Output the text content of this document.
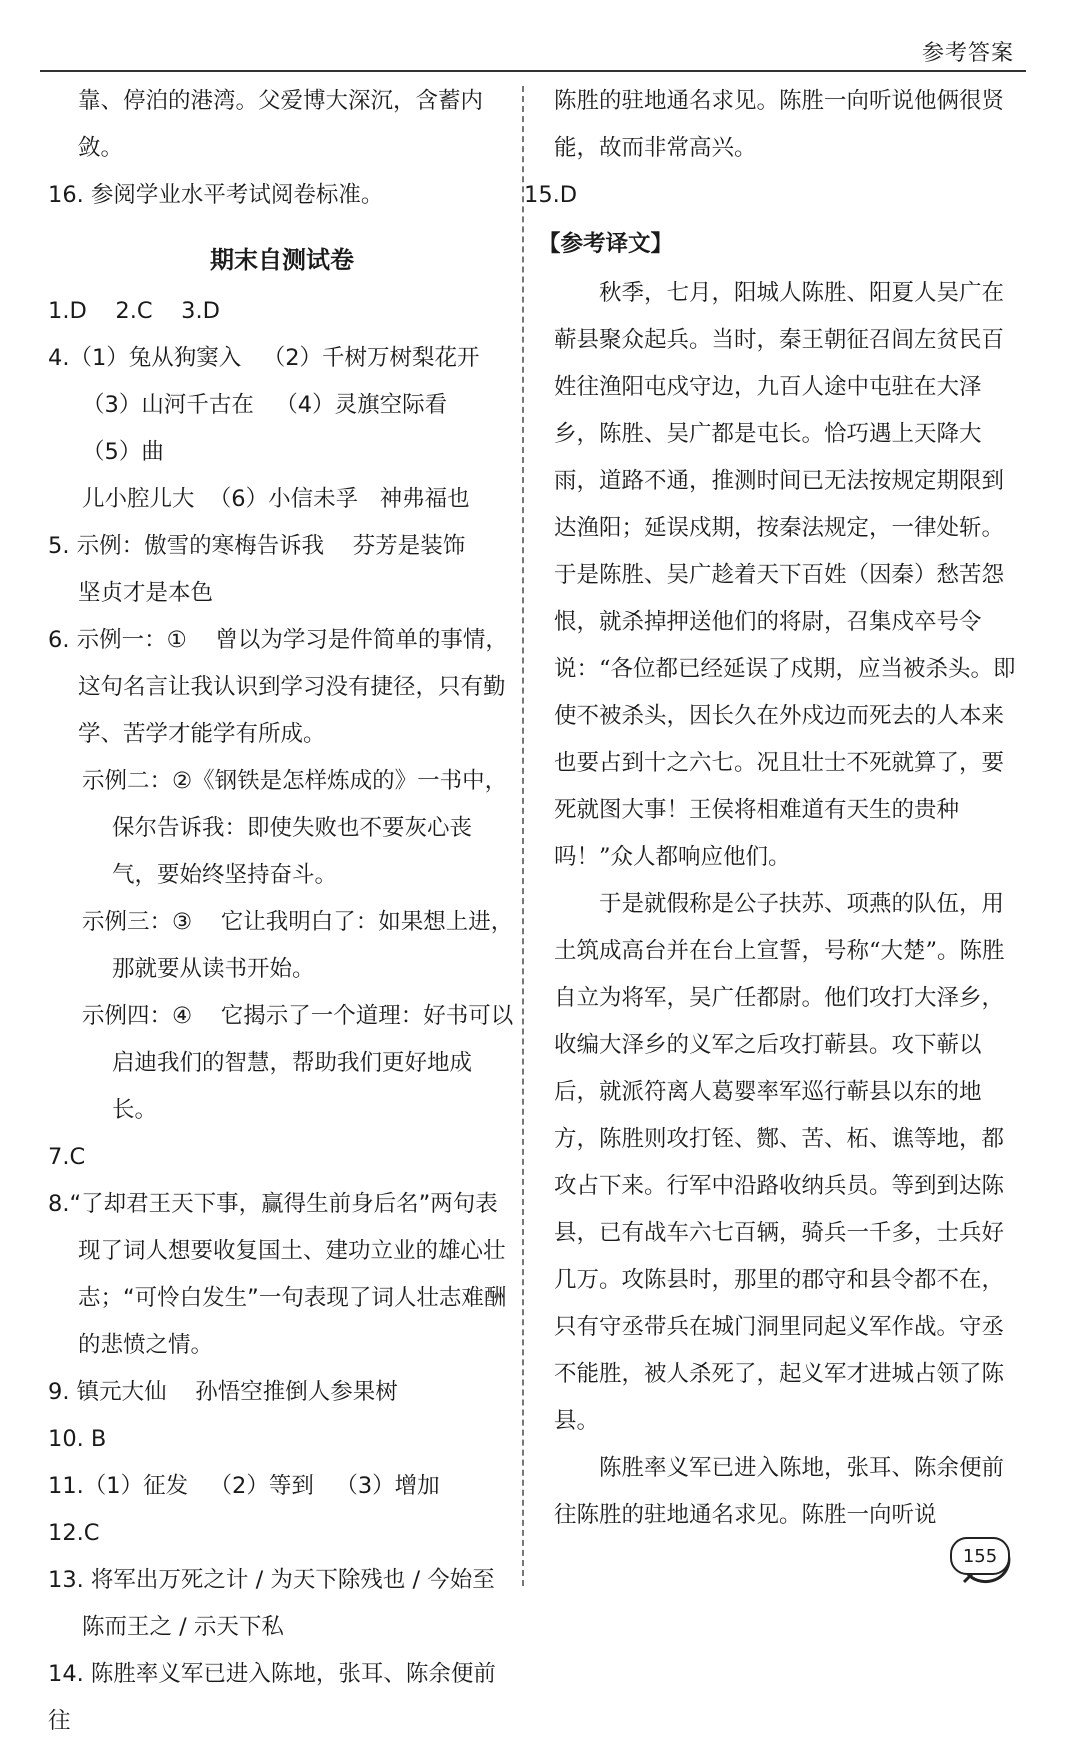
参考答案
靠、停泊的港湾。父爱博大深沉，含蓄内敛。
16. 参阅学业水平考试阅卷标准。
期末自测试卷
1.D    2.C    3.D
4.（1）兔从狗窦入   （2）千树万树梨花开
（3）山河千古在   （4）灵旗空际看   （5）曲
儿小腔儿大  （6）小信未孚   神弗福也
5. 示例：傲雪的寒梅告诉我    芬芳是装饰    坚贞才是本色
6. 示例一：①    曾以为学习是件简单的事情，这句名言让我认识到学习没有捷径，只有勤学、苦学才能学有所成。
示例二：②《钢铁是怎样炼成的》一书中，保尔告诉我：即使失败也不要灰心丧气，要始终坚持奋斗。
示例三：③    它让我明白了：如果想上进，那就要从读书开始。
示例四：④    它揭示了一个道理：好书可以启迪我们的智慧，帮助我们更好地成长。
7.C
8.“了却君王天下事，赢得生前身后名”两句表现了词人想要收复国土、建功立业的雄心壮志；“可怜白发生”一句表现了词人壮志难酬的悲愤之情。
9. 镇元大仙    孙悟空推倒人参果树
10. B
11.（1）征发   （2）等到   （3）增加
12.C
13. 将军出万死之计 / 为天下除残也 / 今始至陈而王之 / 示天下私
14. 陈胜率义军已进入陈地，张耳、陈余便前往
陈胜的驻地通名求见。陈胜一向听说他俩很贤能，故而非常高兴。
15.D
【参考译文】
秋季，七月，阳城人陈胜、阳夏人吴广在蕲县聚众起兵。当时，秦王朝征召闾左贫民百姓往渔阳屯戍守边，九百人途中屯驻在大泽乡，陈胜、吴广都是屯长。恰巧遇上天降大雨，道路不通，推测时间已无法按规定期限到达渔阳；延误戍期，按秦法规定，一律处斩。于是陈胜、吴广趁着天下百姓（因秦）愁苦怨恨，就杀掉押送他们的将尉，召集戍卒号令说：“各位都已经延误了戍期，应当被杀头。即使不被杀头，因长久在外戍边而死去的人本来也要占到十之六七。况且壮士不死就算了，要死就图大事！王侯将相难道有天生的贵种吗！”众人都响应他们。
于是就假称是公子扶苏、项燕的队伍，用土筑成高台并在台上宣誓，号称“大楚”。陈胜自立为将军，吴广任都尉。他们攻打大泽乡，收编大泽乡的义军之后攻打蕲县。攻下蕲以后，就派符离人葛婴率军巡行蕲县以东的地方，陈胜则攻打铚、酂、苦、柘、谯等地，都攻占下来。行军中沿路收纳兵员。等到到达陈县，已有战车六七百辆，骑兵一千多，士兵好几万。攻陈县时，那里的郡守和县令都不在，只有守丞带兵在城门洞里同起义军作战。守丞不能胜，被人杀死了，起义军才进城占领了陈县。
陈胜率义军已进入陈地，张耳、陈余便前往陈胜的驻地通名求见。陈胜一向听说
155
